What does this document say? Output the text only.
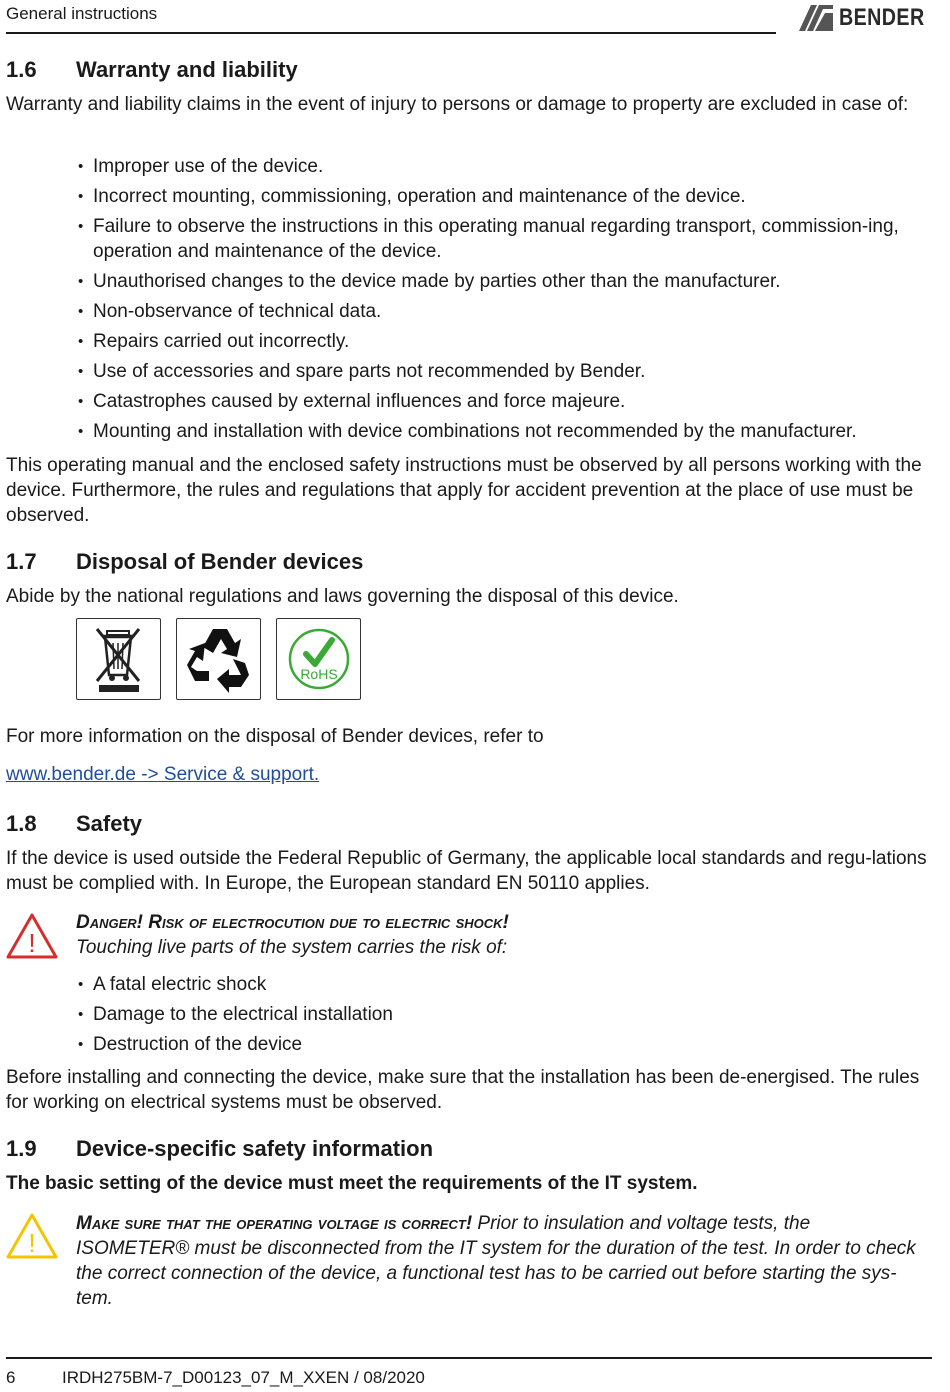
General instructions	BENDER
1.6	Warranty and liability
Warranty and liability claims in the event of injury to persons or damage to property are excluded in case of:
• Improper use of the device.
• Incorrect mounting, commissioning, operation and maintenance of the device.
• Failure to observe the instructions in this operating manual regarding transport, commission-ing, operation and maintenance of the device.
• Unauthorised changes to the device made by parties other than the manufacturer.
• Non-observance of technical data.
• Repairs carried out incorrectly.
• Use of accessories and spare parts not recommended by Bender.
• Catastrophes caused by external influences and force majeure.
• Mounting and installation with device combinations not recommended by the manufacturer.
This operating manual and the enclosed safety instructions must be observed by all persons working with the device. Furthermore, the rules and regulations that apply for accident prevention at the place of use must be observed.
1.7	Disposal of Bender devices
Abide by the national regulations and laws governing the disposal of this device.
RoHS
For more information on the disposal of Bender devices, refer to
www.bender.de -> Service & support.
1.8	Safety
If the device is used outside the Federal Republic of Germany, the applicable local standards and regu-lations must be complied with. In Europe, the European standard EN 50110 applies.
!
Danger! Risk of electrocution due to electric shock!
Touching live parts of the system carries the risk of:
• A fatal electric shock
• Damage to the electrical installation
• Destruction of the device
Before installing and connecting the device, make sure that the installation has been de-energised. The rules for working on electrical systems must be observed.
1.9	Device-specific safety information
The basic setting of the device must meet the requirements of the IT system.
!
Make sure that the operating voltage is correct! Prior to insulation and voltage tests, the ISOMETER® must be disconnected from the IT system for the duration of the test. In order to check the correct connection of the device, a functional test has to be carried out before starting the sys-tem.
6	IRDH275BM-7_D00123_07_M_XXEN / 08/2020
